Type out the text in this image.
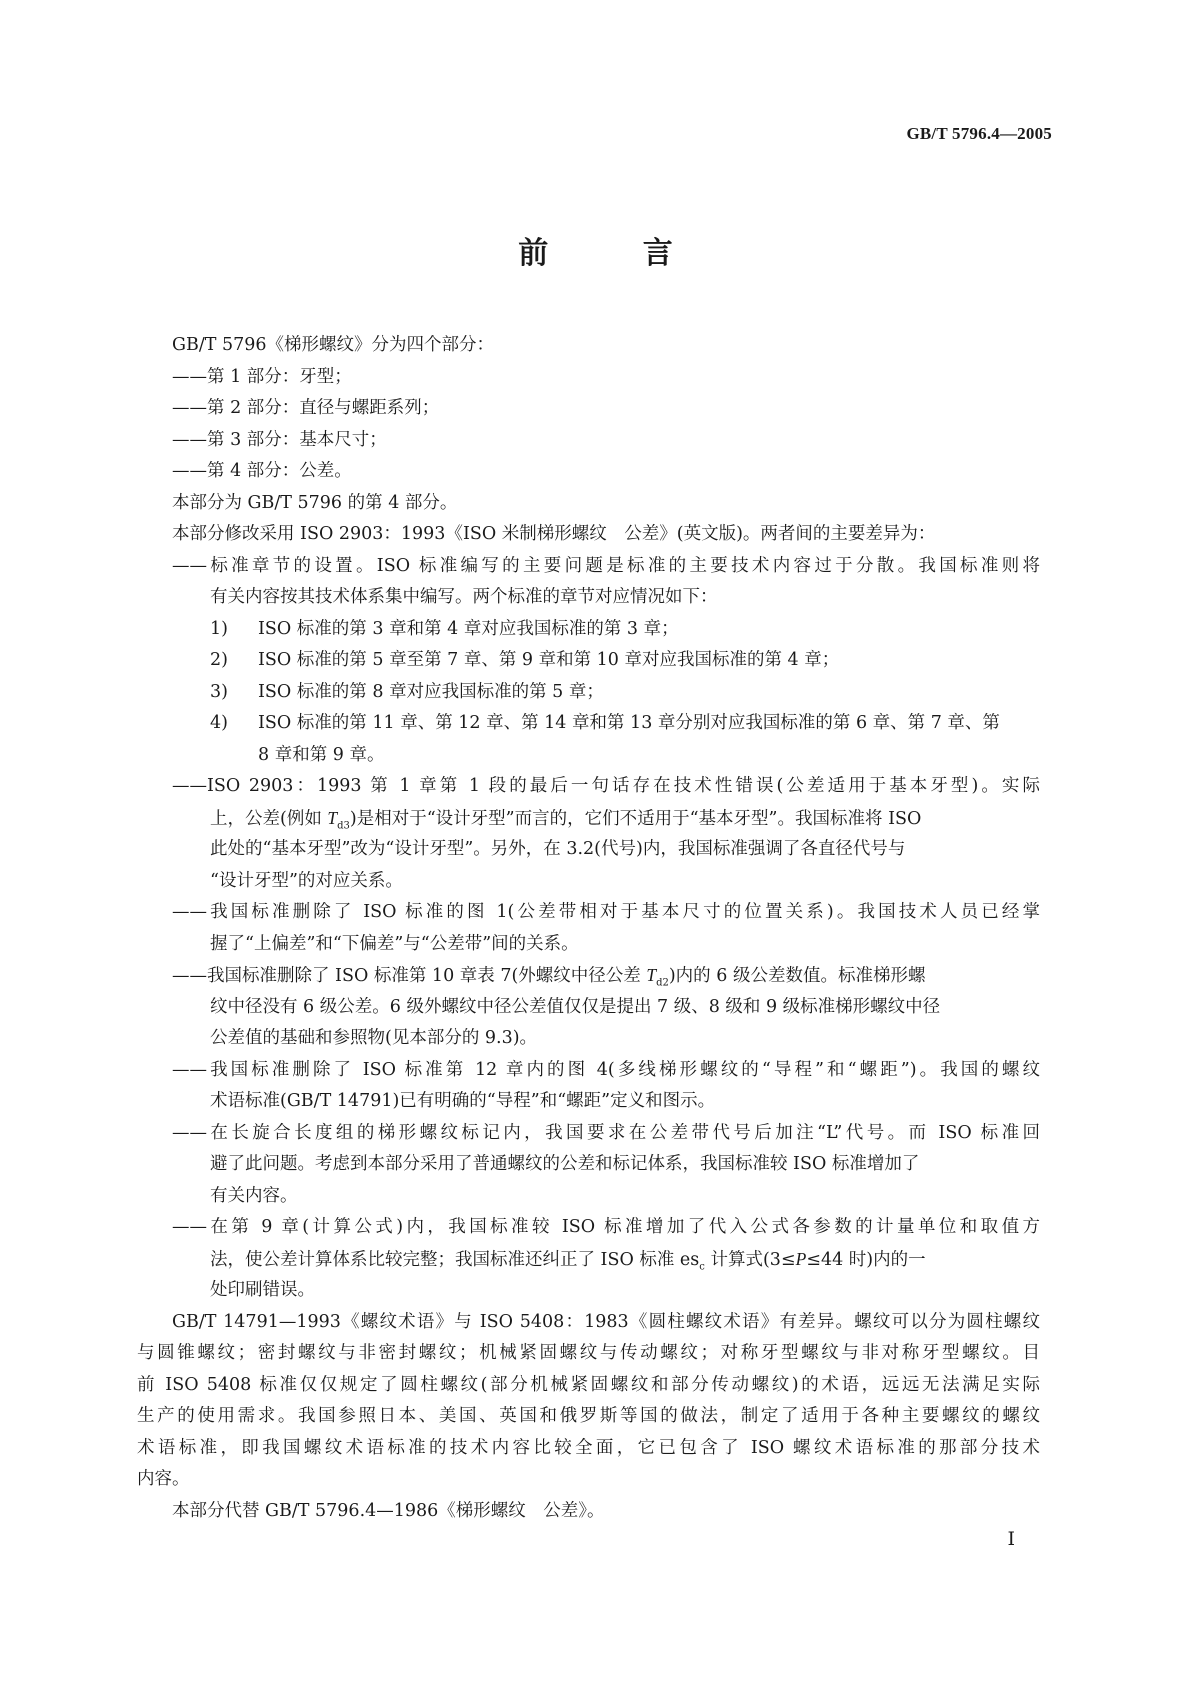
GB/T 5796.4—2005
前 言
GB/T 5796《梯形螺纹》分为四个部分：
——第 1 部分：牙型；
——第 2 部分：直径与螺距系列；
——第 3 部分：基本尺寸；
——第 4 部分：公差。
本部分为 GB/T 5796 的第 4 部分。
本部分修改采用 ISO 2903：1993《ISO 米制梯形螺纹　公差》(英文版)。两者间的主要差异为：
——标准章节的设置。ISO 标准编写的主要问题是标准的主要技术内容过于分散。我国标准则将
有关内容按其技术体系集中编写。两个标准的章节对应情况如下：
1) ISO 标准的第 3 章和第 4 章对应我国标准的第 3 章；
2) ISO 标准的第 5 章至第 7 章、第 9 章和第 10 章对应我国标准的第 4 章；
3) ISO 标准的第 8 章对应我国标准的第 5 章；
4) ISO 标准的第 11 章、第 12 章、第 14 章和第 13 章分别对应我国标准的第 6 章、第 7 章、第
8 章和第 9 章。
——ISO 2903：1993 第 1 章第 1 段的最后一句话存在技术性错误(公差适用于基本牙型)。实际
上，公差(例如 $T_{d3}$)是相对于“设计牙型”而言的，它们不适用于“基本牙型”。我国标准将 ISO
此处的“基本牙型”改为“设计牙型”。另外，在 3.2(代号)内，我国标准强调了各直径代号与
“设计牙型”的对应关系。
——我国标准删除了 ISO 标准的图 1(公差带相对于基本尺寸的位置关系)。我国技术人员已经掌
握了“上偏差”和“下偏差”与“公差带”间的关系。
——我国标准删除了 ISO 标准第 10 章表 7(外螺纹中径公差 $T_{d2}$)内的 6 级公差数值。标准梯形螺
纹中径没有 6 级公差。6 级外螺纹中径公差值仅仅是提出 7 级、8 级和 9 级标准梯形螺纹中径
公差值的基础和参照物(见本部分的 9.3)。
——我国标准删除了 ISO 标准第 12 章内的图 4(多线梯形螺纹的“导程”和“螺距”)。我国的螺纹
术语标准(GB/T 14791)已有明确的“导程”和“螺距”定义和图示。
——在长旋合长度组的梯形螺纹标记内，我国要求在公差带代号后加注“L”代号。而 ISO 标准回
避了此问题。考虑到本部分采用了普通螺纹的公差和标记体系，我国标准较 ISO 标准增加了
有关内容。
——在第 9 章(计算公式)内，我国标准较 ISO 标准增加了代入公式各参数的计量单位和取值方
法，使公差计算体系比较完整；我国标准还纠正了 ISO 标准 $es_c$ 计算式(3≤P≤44 时)内的一
处印刷错误。
GB/T 14791—1993《螺纹术语》与 ISO 5408：1983《圆柱螺纹术语》有差异。螺纹可以分为圆柱螺纹
与圆锥螺纹；密封螺纹与非密封螺纹；机械紧固螺纹与传动螺纹；对称牙型螺纹与非对称牙型螺纹。目
前 ISO 5408 标准仅仅规定了圆柱螺纹(部分机械紧固螺纹和部分传动螺纹)的术语，远远无法满足实际
生产的使用需求。我国参照日本、美国、英国和俄罗斯等国的做法，制定了适用于各种主要螺纹的螺纹
术语标准，即我国螺纹术语标准的技术内容比较全面，它已包含了 ISO 螺纹术语标准的那部分技术
内容。
本部分代替 GB/T 5796.4—1986《梯形螺纹　公差》。
I
